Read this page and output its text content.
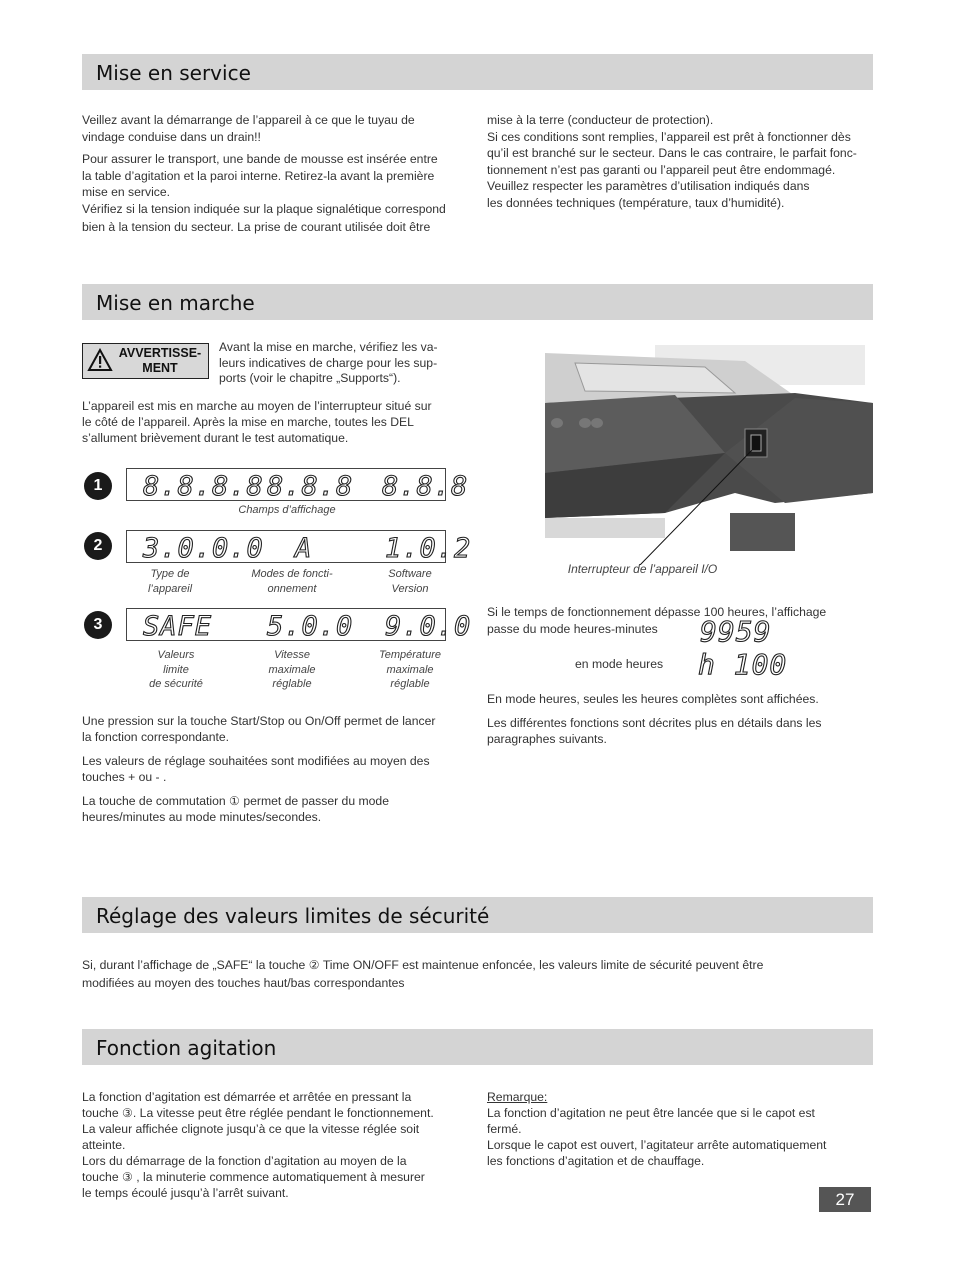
Mise en service

Veillez avant la démarrange de l’appareil à ce que le tuyau de

vindage conduise dans un drain!!

Pour assurer le transport, une bande de mousse est insérée entre

la table d’agitation et la paroi interne. Retirez-la avant la première

mise en service.

Vérifiez si la tension indiquée sur la plaque signalétique correspond

bien à la tension du secteur. La prise de courant utilisée doit être

mise à la terre (conducteur de protection).

Si ces conditions sont remplies, l’appareil est prêt à fonctionner dès

qu’il est branché sur le secteur. Dans le cas contraire, le parfait fonc-

tionnement n’est pas garanti ou l’appareil peut être endommagé.

Veuillez respecter les paramètres d’utilisation indiqués dans

les données techniques (température, taux d’humidité).

Mise en marche
AVVERTISSE-
MENT

Avant la mise en marche, vérifiez les va-

leurs indicatives de charge pour les sup-

ports (voir le chapitre „Supports“).

L’appareil est mis en marche au moyen de l’interrupteur situé sur

le côté de l’appareil. Après la mise en marche, toutes les DEL

s’allument brièvement durant le test automatique.

1	8.8.8.8 8.8.8 8.8.8
Champs d’affichage
2	3.0.0.0 A	1.0.2
Type de
l’appareil
Modes de foncti-
onnement
Software
Version
3	SAFE 5.0.0 9.0.0
Valeurs
limite
de sécurité
Vitesse
maximale
réglable
Température
maximale
réglable

Une pression sur la touche Start/Stop ou On/Off permet de lancer

la fonction correspondante.

Les valeurs de réglage souhaitées sont modifiées au moyen des

touches + ou - .

La touche de commutation ① permet de passer du mode

heures/minutes au mode minutes/secondes.

Interrupteur de l’appareil I/O

Si le temps de fonctionnement dépasse 100 heures, l’affichage

passe du mode heures-minutes	9959
en mode heures h 100

En mode heures, seules les heures complètes sont affichées.

Les différentes fonctions sont décrites plus en détails dans les

paragraphes suivants.

Réglage des valeurs limites de sécurité

Si, durant l’affichage de „SAFE“ la touche ② Time ON/OFF est maintenue enfoncée, les valeurs limite de sécurité peuvent être

modifiées au moyen des touches haut/bas correspondantes

Fonction agitation

La fonction d’agitation est démarrée et arrêtée en pressant la

touche ③. La vitesse peut être réglée pendant le fonctionnement.

La valeur affichée clignote jusqu’à ce que la vitesse réglée soit

atteinte.

Lors du démarrage de la fonction d’agitation au moyen de la

touche ③ , la minuterie commence automatiquement à mesurer

le temps écoulé jusqu’à l’arrêt suivant.

Remarque:

La fonction d’agitation ne peut être lancée que si le capot est

fermé.

Lorsque le capot est ouvert, l’agitateur arrête automatiquement

les fonctions d’agitation et de chauffage.

27
